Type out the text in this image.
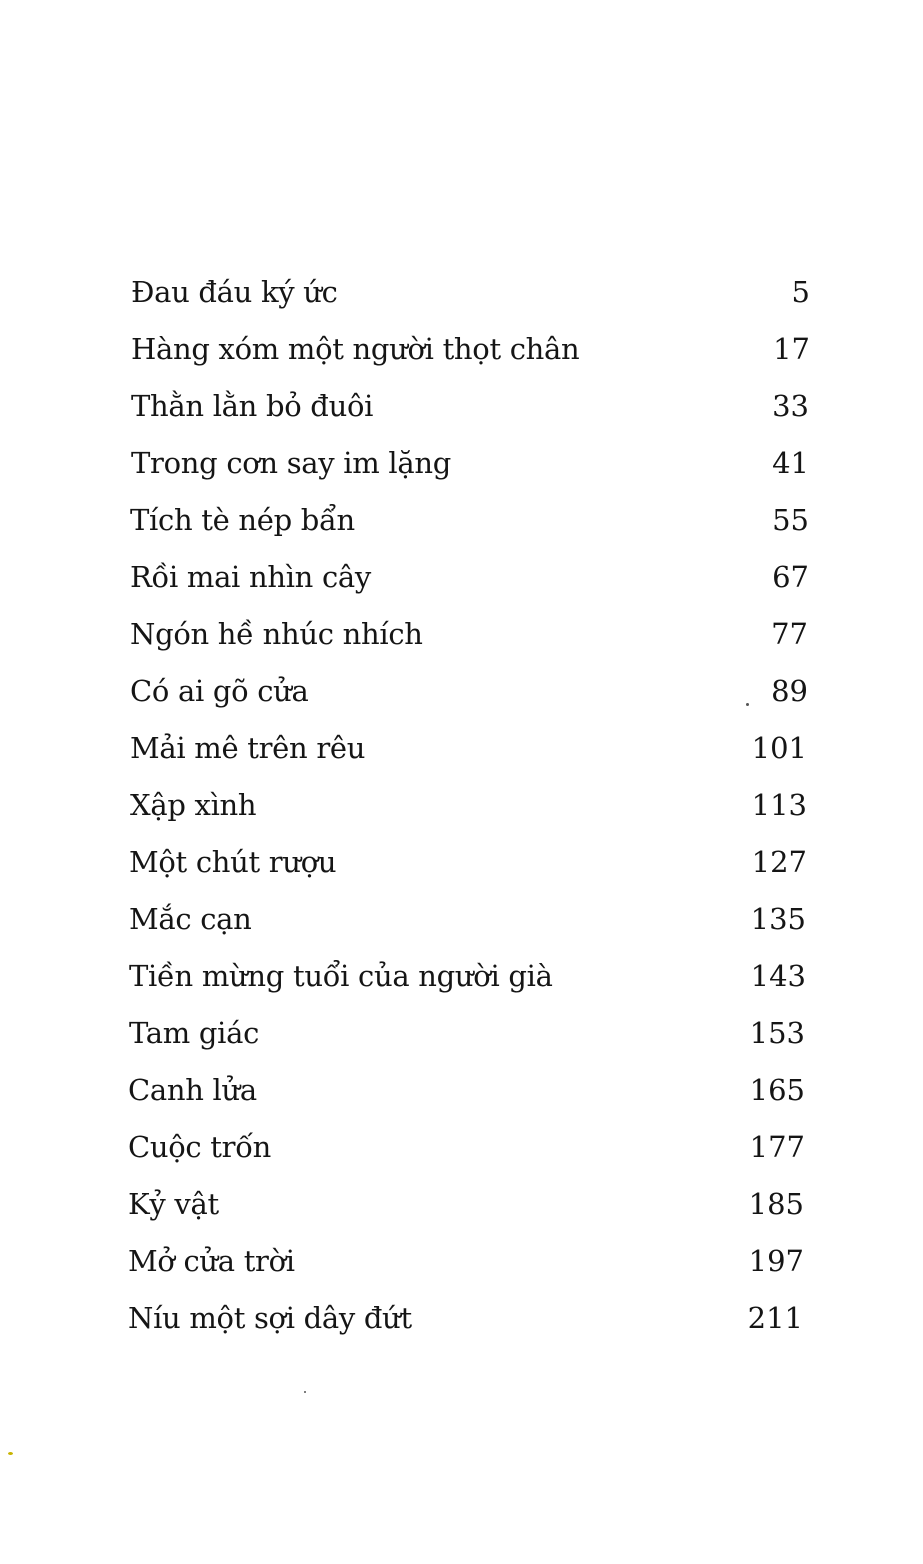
Đau đáu ký ức	5
Hàng xóm một người thọt chân	17
Thằn lằn bỏ đuôi	33
Trong cơn say im lặng	41
Tích tè nép bẩn	55
Rồi mai nhìn cây	67
Ngón hề nhúc nhích	77
Có ai gõ cửa	89
Mải mê trên rêu	101
Xập xình	113
Một chút rượu	127
Mắc cạn	135
Tiền mừng tuổi của người già	143
Tam giác	153
Canh lửa	165
Cuộc trốn	177
Kỷ vật	185
Mở cửa trời	197
Níu một sợi dây đứt	211
